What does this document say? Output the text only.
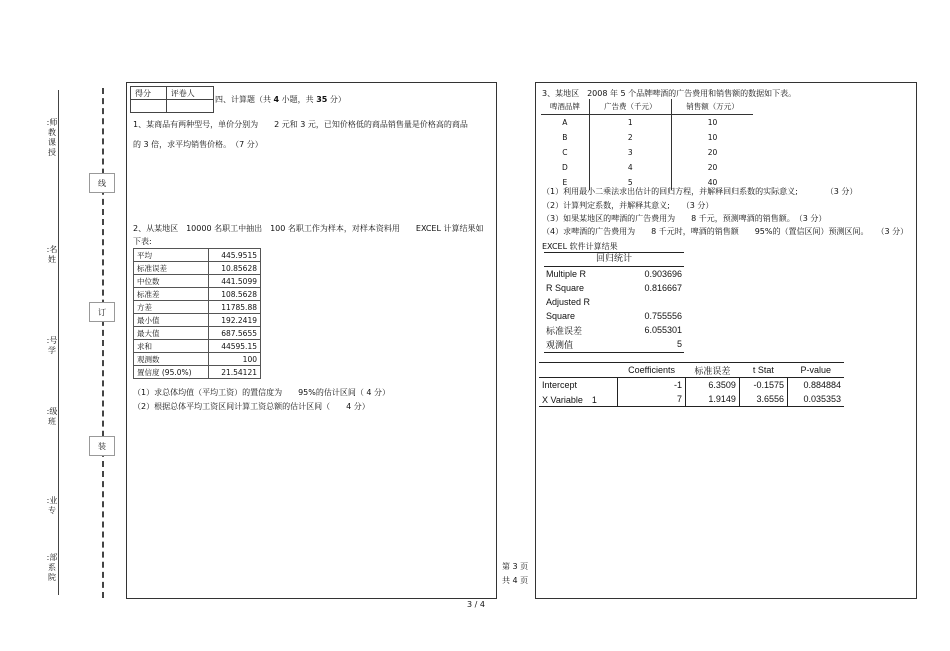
:师教课授
:名姓
:号学
:级班
:业专
:部系院
线
订
装
得分	评卷人

四、计算题（共 4 小题，共 35 分）
1、某商品有两种型号，单价分别为　　2 元和 3 元，已知价格低的商品销售量是价格高的商品
的 3 倍，求平均销售价格。　（7 分）
2、从某地区　10000 名职工中抽出　100 名职工作为样本，对样本资料用　　EXCEL 计算结果如
下表:
平均	445.9515
标准误差	10.85628
中位数	441.5099
标准差	108.5628
方差	11785.88
最小值	192.2419
最大值	687.5655
求和	44595.15
观测数	100
置信度 (95.0%)	21.54121
（1）求总体均值（平均工资）的置信度为　　95%的估计区间（ 4 分）
（2）根据总体平均工资区间计算工资总额的估计区间（　　4 分）
第 3 页
共 4 页
3 / 4
3、某地区　2008 年 5 个品牌啤酒的广告费用和销售额的数据如下表。
啤酒品牌	广告费（千元）	销售额（万元）
A	1	10
B	2	10
C	3	20
D	4	20
E	5	40
（1）利用最小二乘法求出估计的回归方程，并解释回归系数的实际意义;　　　　（3 分）
（2）计算判定系数，并解释其意义;　　（3 分）
（3）如果某地区的啤酒的广告费用为　　8 千元，预测啤酒的销售额。　（3 分）
（4）求啤酒的广告费用为　　8 千元时，啤酒的销售额　　95%的（置信区间）预测区间。　　（3 分）
EXCEL 软件计算结果
回归统计
Multiple R	0.903696
R Square	0.816667
Adjusted R	
Square	0.755556
标准误差	6.055301
观测值	5
	Coefficients	标准误差	t Stat	P-value
Intercept	-1	6.3509	-0.1575	0.884884
X Variable　1	7	1.9149	3.6556	0.035353
